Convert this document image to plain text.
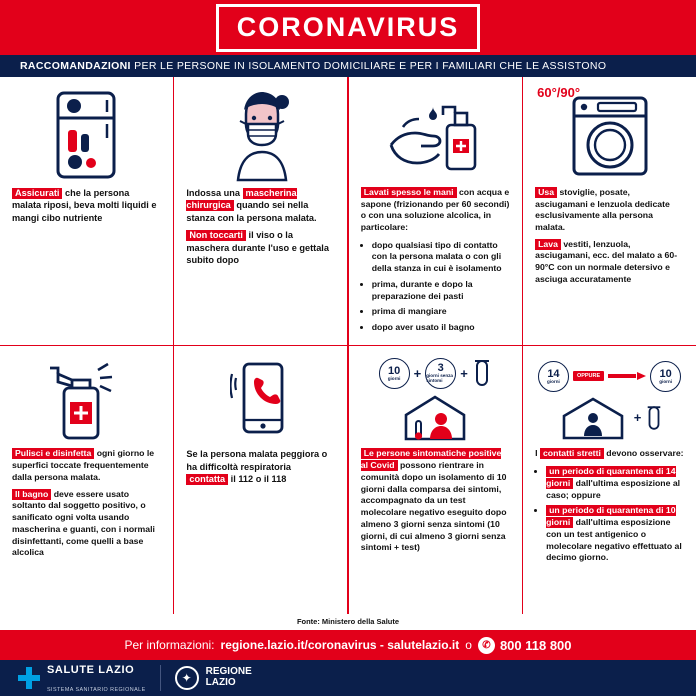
CORONAVIRUS
RACCOMANDAZIONI PER LE PERSONE IN ISOLAMENTO DOMICILIARE E PER I FAMILIARI CHE LE ASSISTONO
Assicurati che la persona malata riposi, beva molti liquidi e mangi cibo nutriente

Indossa una mascherina chirurgica quando sei nella stanza con la persona malata.

Non toccarti il viso o la maschera durante l'uso e gettala subito dopo

Lavati spesso le mani con acqua e sapone (frizionando per 60 secondi) o con una soluzione alcolica, in particolare:

• dopo qualsiasi tipo di contatto con la persona malata o con gli della stanza in cui è isolamento
• prima, durante e dopo la preparazione dei pasti
• prima di mangiare
• dopo aver usato il bagno
60°/90°

Usa stoviglie, posate, asciugamani e lenzuola dedicate esclusivamente alla persona malata.

Lava vestiti, lenzuola, asciugamani, ecc. del malato a 60-90°C con un normale detersivo e asciuga accuratamente

Pulisci e disinfetta ogni giorno le superfici toccate frequentemente dalla persona malata.

Il bagno deve essere usato soltanto dal soggetto positivo, o sanificato ogni volta usando mascherina e guanti, con i normali disinfettanti, come quelli a base alcolica

Se la persona malata peggiora o ha difficoltà respiratoria contatta il 112 o il 118

10
giorni + 3
giorni senza sintomi	+

Le persone sintomatiche positive al Covid possono rientrare in comunità dopo un isolamento di 10 giorni dalla comparsa dei sintomi, accompagnato da un test molecolare negativo eseguito dopo almeno 3 giorni senza sintomi (10 giorni, di cui almeno 3 giorni senza sintomi + test)

14
giorni
OPPURE	10
giorni
+

I contatti stretti devono osservare:

• un periodo di quarantena di 14 giorni dall'ultima esposizione al caso; oppure
• un periodo di quarantena di 10 giorni dall'ultima esposizione con un test antigenico o molecolare negativo effettuato al decimo giorno.
Fonte: Ministero della Salute
Per informazioni: regione.lazio.it/coronavirus - salutelazio.it o	✆ 800 118 800
SALUTE LAZIO
SISTEMA SANITARIO REGIONALE
✦ REGIONE
LAZIO
